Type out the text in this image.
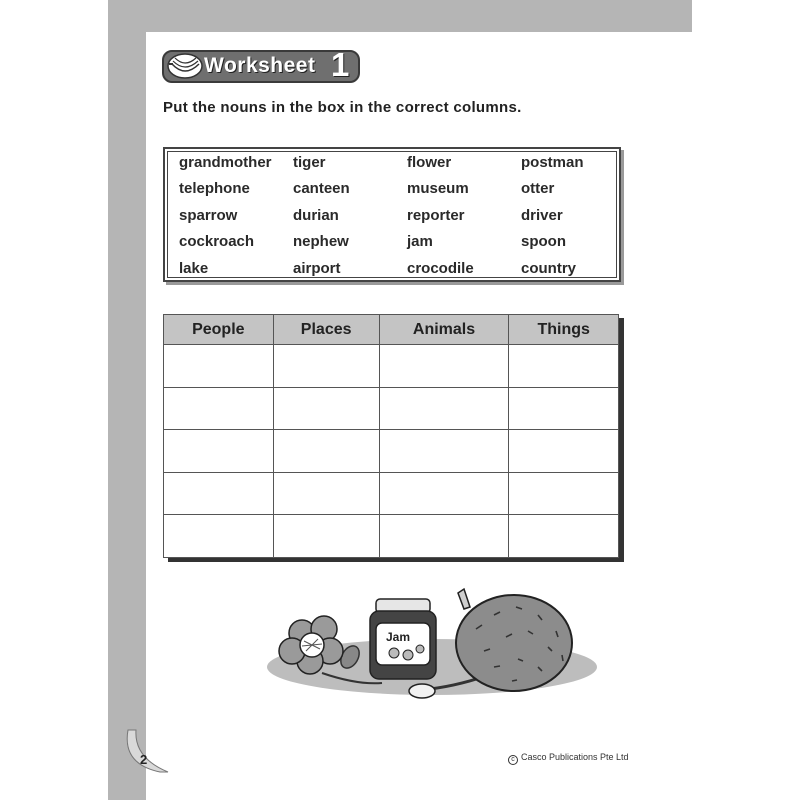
Worksheet 1
Put the nouns in the box in the correct columns.
grandmother
telephone
sparrow
cockroach
lake
tiger
canteen
durian
nephew
airport
flower
museum
reporter
jam
crocodile
postman
otter
driver
spoon
country
People	Places	Animals	Things

Jam
2	c Casco Publications Pte Ltd
